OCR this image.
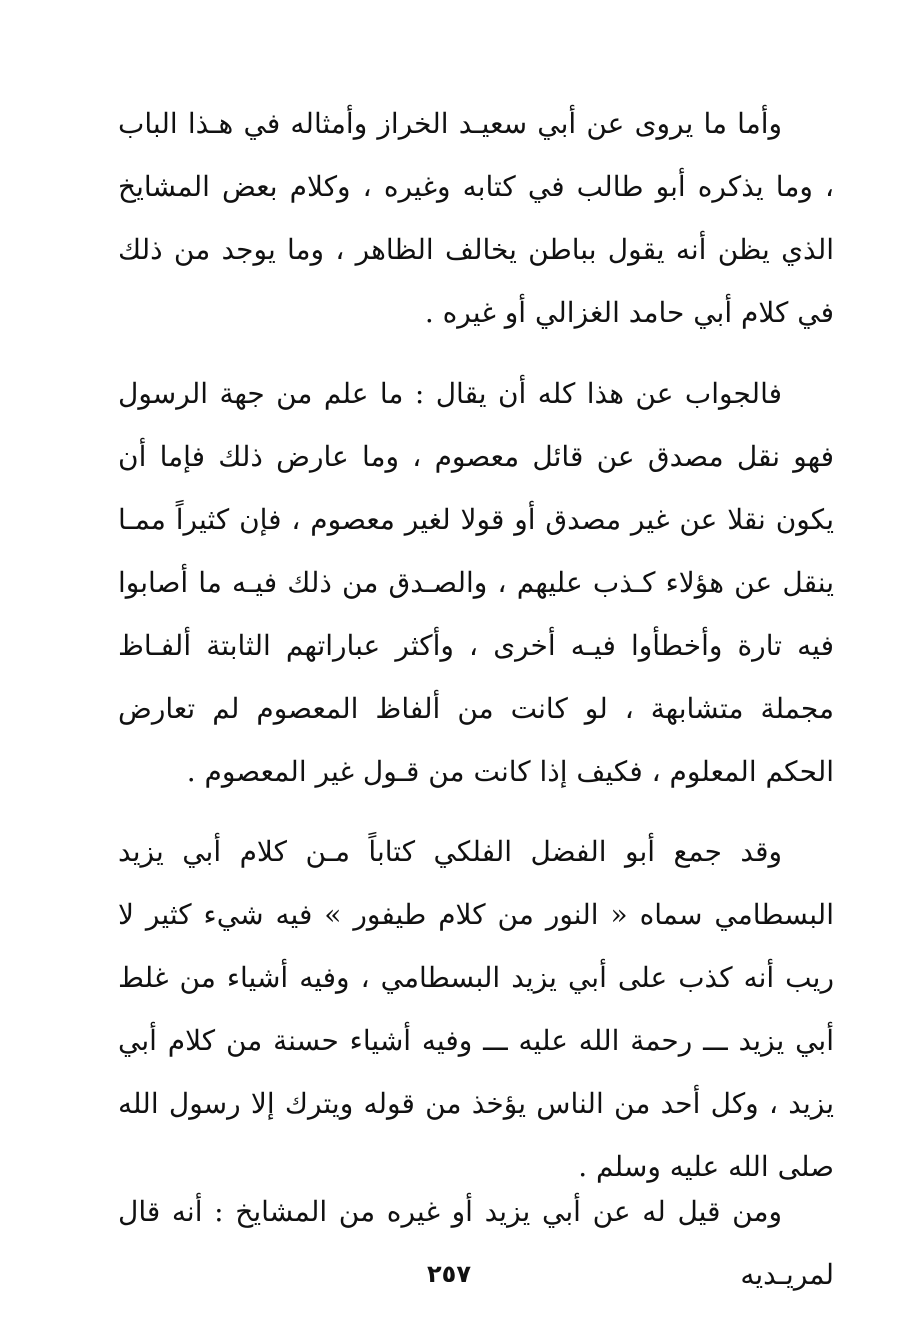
وأما ما يروى عن أبي سعيـد الخراز وأمثاله في هـذا الباب ، وما يذكره أبو طالب في كتابه وغيره ، وكلام بعض المشايخ الذي يظن أنه يقول بباطن يخالف الظاهر ، وما يوجد من ذلك في كلام أبي حامد الغزالي أو غيره .

فالجواب عن هذا كله أن يقال : ما علم من جهة الرسول فهو نقل مصدق عن قائل معصوم ، وما عارض ذلك فإما أن يكون نقلا عن غير مصدق أو قولا لغير معصوم ، فإن كثيراً ممـا ينقل عن هؤلاء كـذب عليهم ، والصـدق من ذلك فيـه ما أصابوا فيه تارة وأخطأوا فيـه أخرى ، وأكثر عباراتهم الثابتة ألفـاظ مجملة متشابهة ، لو كانت من ألفاظ المعصوم لم تعارض الحكم المعلوم ، فكيف إذا كانت من قـول غير المعصوم .

وقد جمع أبو الفضل الفلكي كتاباً مـن كلام أبي يزيد البسطامي سماه « النور من كلام طيفور » فيه شيء كثير لا ريب أنه كذب على أبي يزيد البسطامي ، وفيه أشياء من غلط أبي يزيد ـــ رحمة الله عليه ـــ وفيه أشياء حسنة من كلام أبي يزيد ، وكل أحد من الناس يؤخذ من قوله ويترك إلا رسول الله صلى الله عليه وسلم .

ومن قيل له عن أبي يزيد أو غيره من المشايخ : أنه قال لمريـديه

٢٥٧
